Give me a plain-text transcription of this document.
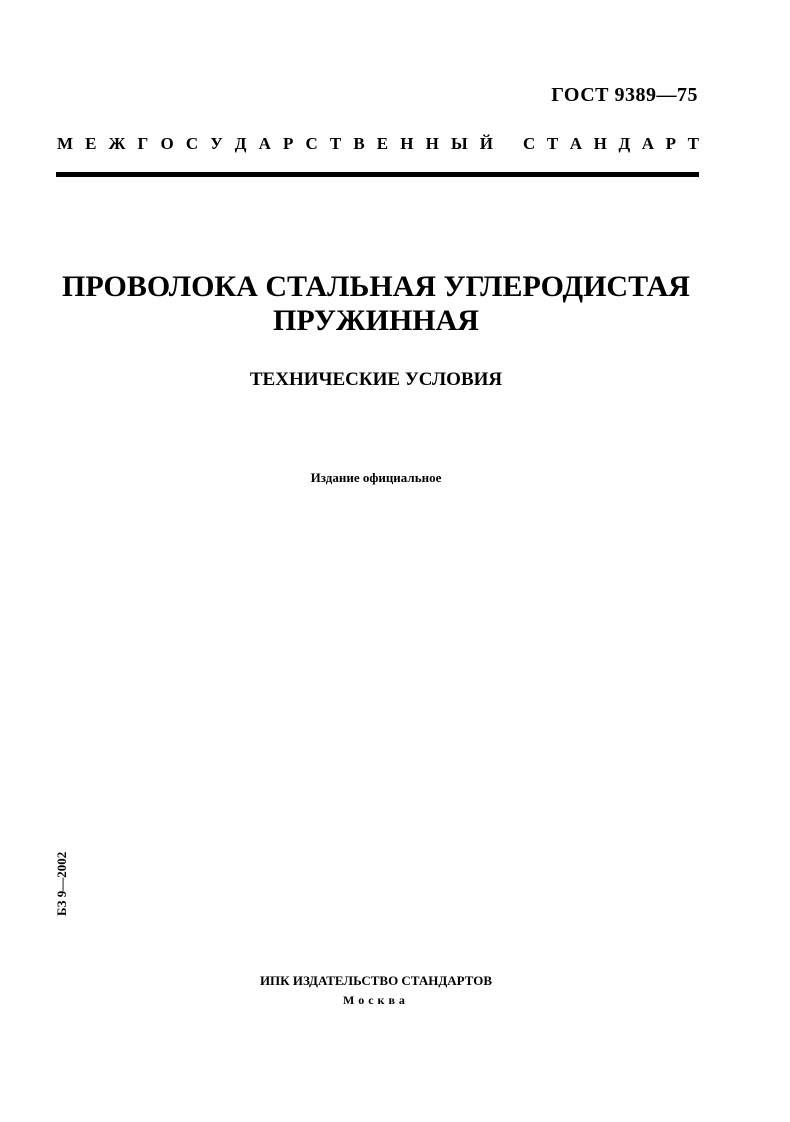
ГОСТ 9389—75
М Е Ж Г О С У Д А Р С Т В Е Н Н Ы Й С Т А Н Д А Р Т
ПРОВОЛОКА СТАЛЬНАЯ УГЛЕРОДИСТАЯ
ПРУЖИННАЯ
ТЕХНИЧЕСКИЕ УСЛОВИЯ
Издание официальное
БЗ 9—2002
ИПК ИЗДАТЕЛЬСТВО СТАНДАРТОВ
Москва
